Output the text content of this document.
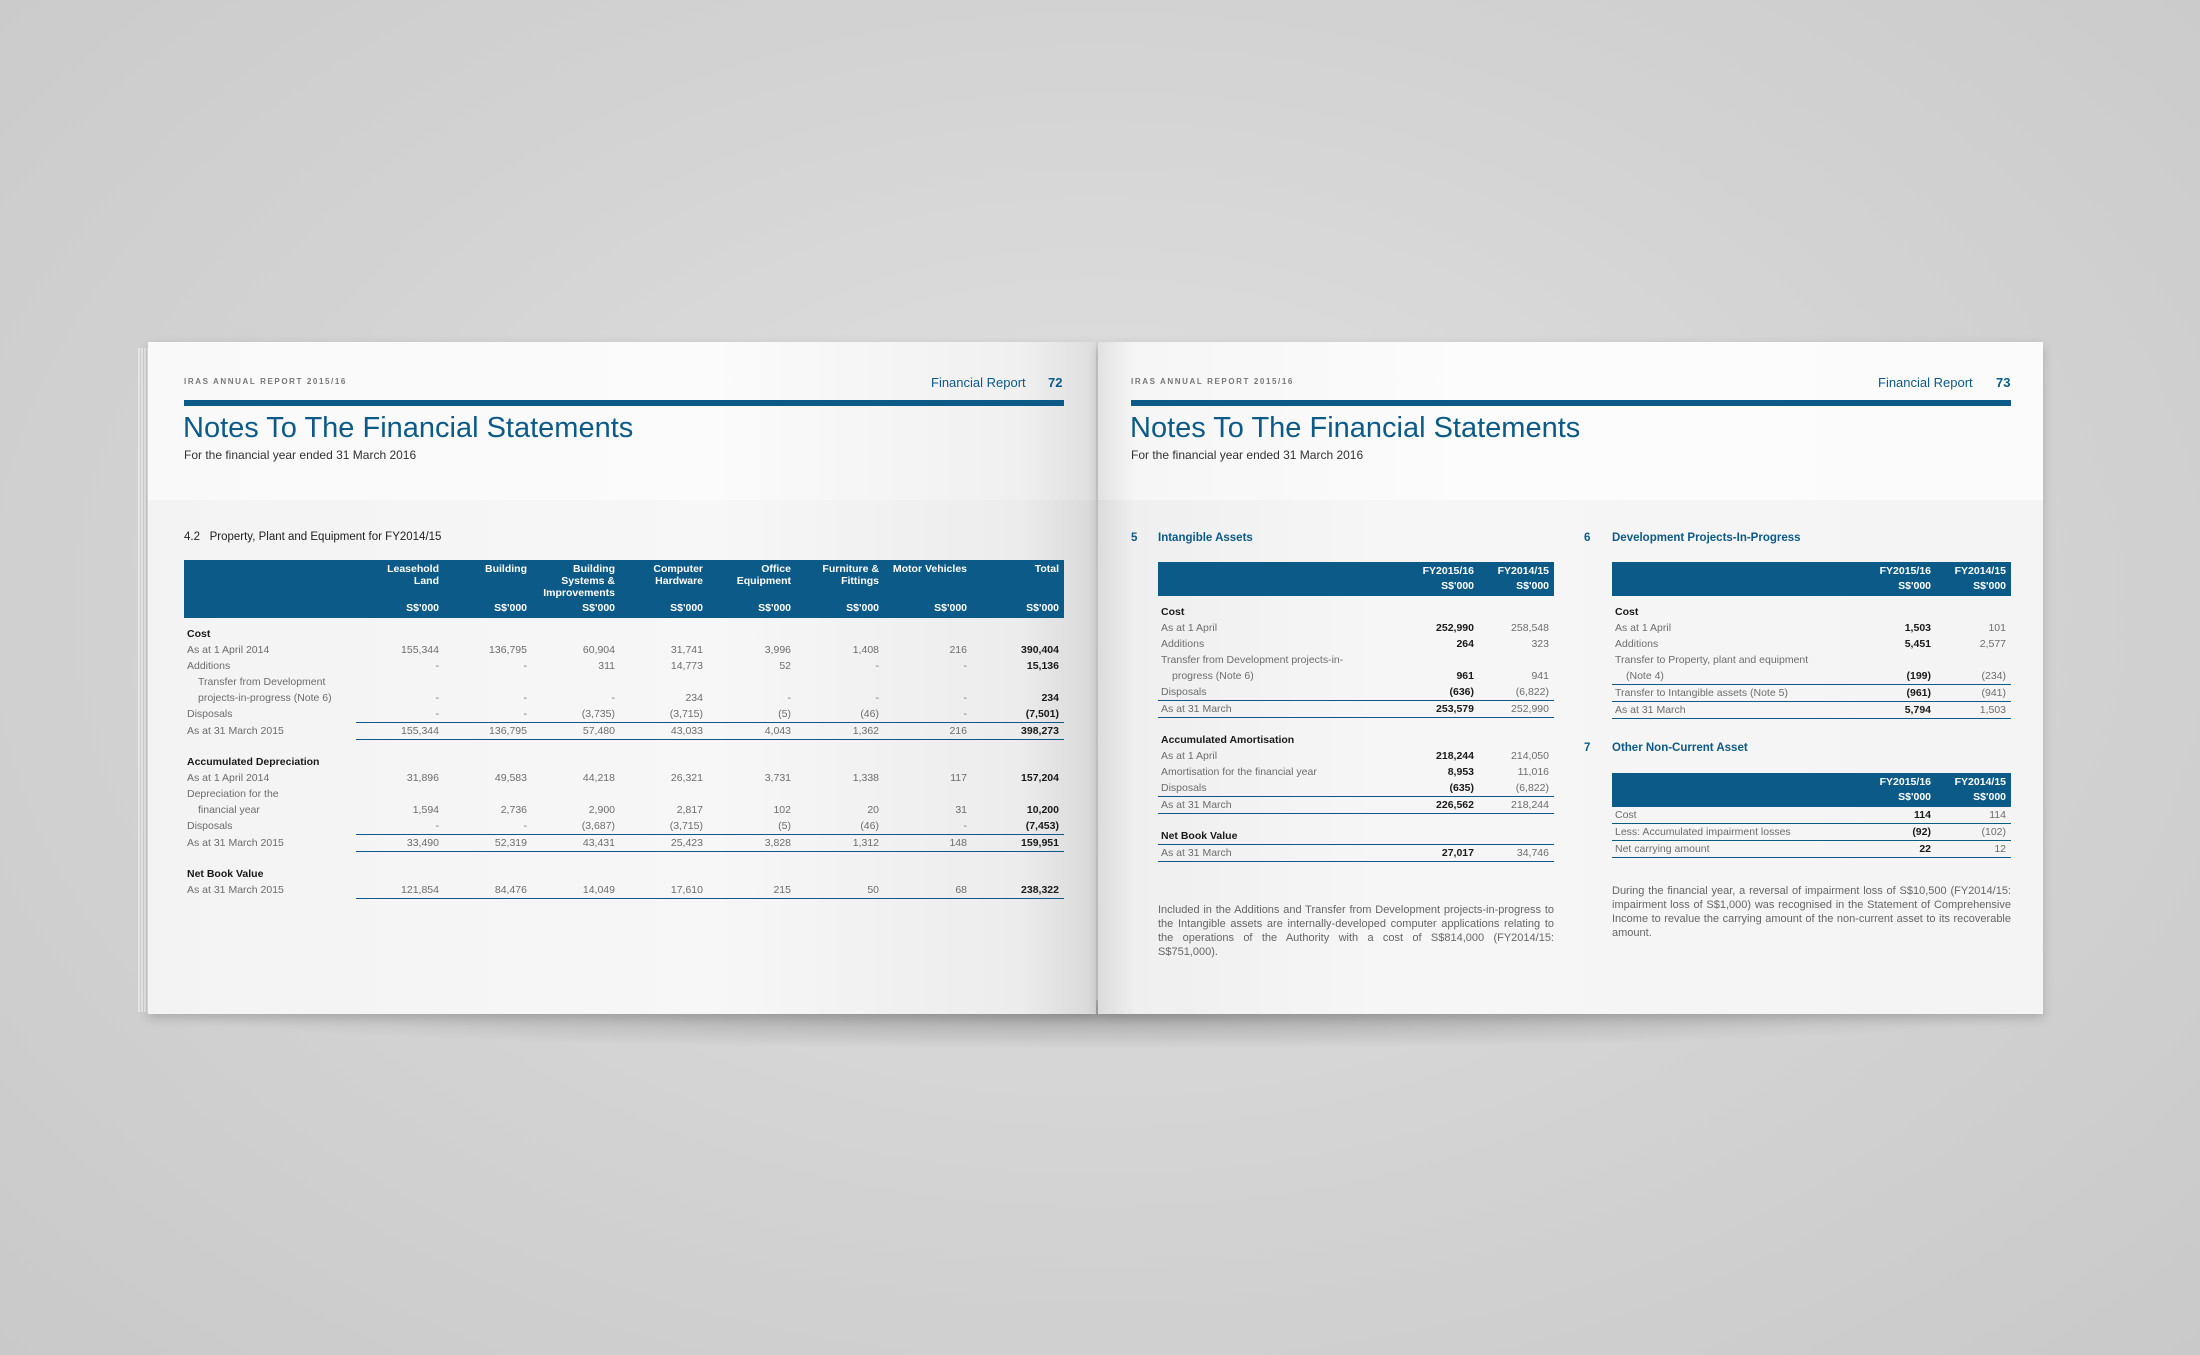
IRAS ANNUAL REPORT 2015/16	Financial Report 72
Notes To The Financial Statements
For the financial year ended 31 March 2016
4.2 Property, Plant and Equipment for FY2014/15
	Leasehold Land	Building	Building Systems & Improvements	Computer Hardware	Office Equipment	Furniture & Fittings	Motor Vehicles	Total
	S$'000	S$'000	S$'000	S$'000	S$'000	S$'000	S$'000	S$'000
Cost								
As at 1 April 2014	155,344	136,795	60,904	31,741	3,996	1,408	216	390,404
Additions	-	-	311	14,773	52	-	-	15,136
Transfer from Development								
projects-in-progress (Note 6)	-	-	-	234	-	-	-	234
Disposals	-	-	(3,735)	(3,715)	(5)	(46)	-	(7,501)
As at 31 March 2015	155,344	136,795	57,480	43,033	4,043	1,362	216	398,273

Accumulated Depreciation								
As at 1 April 2014	31,896	49,583	44,218	26,321	3,731	1,338	117	157,204
Depreciation for the								
financial year	1,594	2,736	2,900	2,817	102	20	31	10,200
Disposals	-	-	(3,687)	(3,715)	(5)	(46)	-	(7,453)
As at 31 March 2015	33,490	52,319	43,431	25,423	3,828	1,312	148	159,951

Net Book Value								
As at 31 March 2015	121,854	84,476	14,049	17,610	215	50	68	238,322
IRAS ANNUAL REPORT 2015/16	Financial Report 73
Notes To The Financial Statements
For the financial year ended 31 March 2016
5 Intangible Assets
	FY2015/16	FY2014/15
	S$'000	S$'000
Cost		
As at 1 April	252,990	258,548
Additions	264	323
Transfer from Development projects-in-		
progress (Note 6)	961	941
Disposals	(636)	(6,822)
As at 31 March	253,579	252,990

Accumulated Amortisation		
As at 1 April	218,244	214,050
Amortisation for the financial year	8,953	11,016
Disposals	(635)	(6,822)
As at 31 March	226,562	218,244

Net Book Value		
As at 31 March	27,017	34,746
Included in the Additions and Transfer from Development projects-in-progress to the Intangible assets are internally-developed computer applications relating to the operations of the Authority with a cost of S$814,000 (FY2014/15: S$751,000).
6 Development Projects-In-Progress
	FY2015/16	FY2014/15
	S$'000	S$'000
Cost		
As at 1 April	1,503	101
Additions	5,451	2,577
Transfer to Property, plant and equipment		
(Note 4)	(199)	(234)
Transfer to Intangible assets (Note 5)	(961)	(941)
As at 31 March	5,794	1,503
7 Other Non-Current Asset
	FY2015/16	FY2014/15
	S$'000	S$'000
Cost	114	114
Less: Accumulated impairment losses	(92)	(102)
Net carrying amount	22	12
During the financial year, a reversal of impairment loss of S$10,500 (FY2014/15: impairment loss of S$1,000) was recognised in the Statement of Comprehensive Income to revalue the carrying amount of the non-current asset to its recoverable amount.
